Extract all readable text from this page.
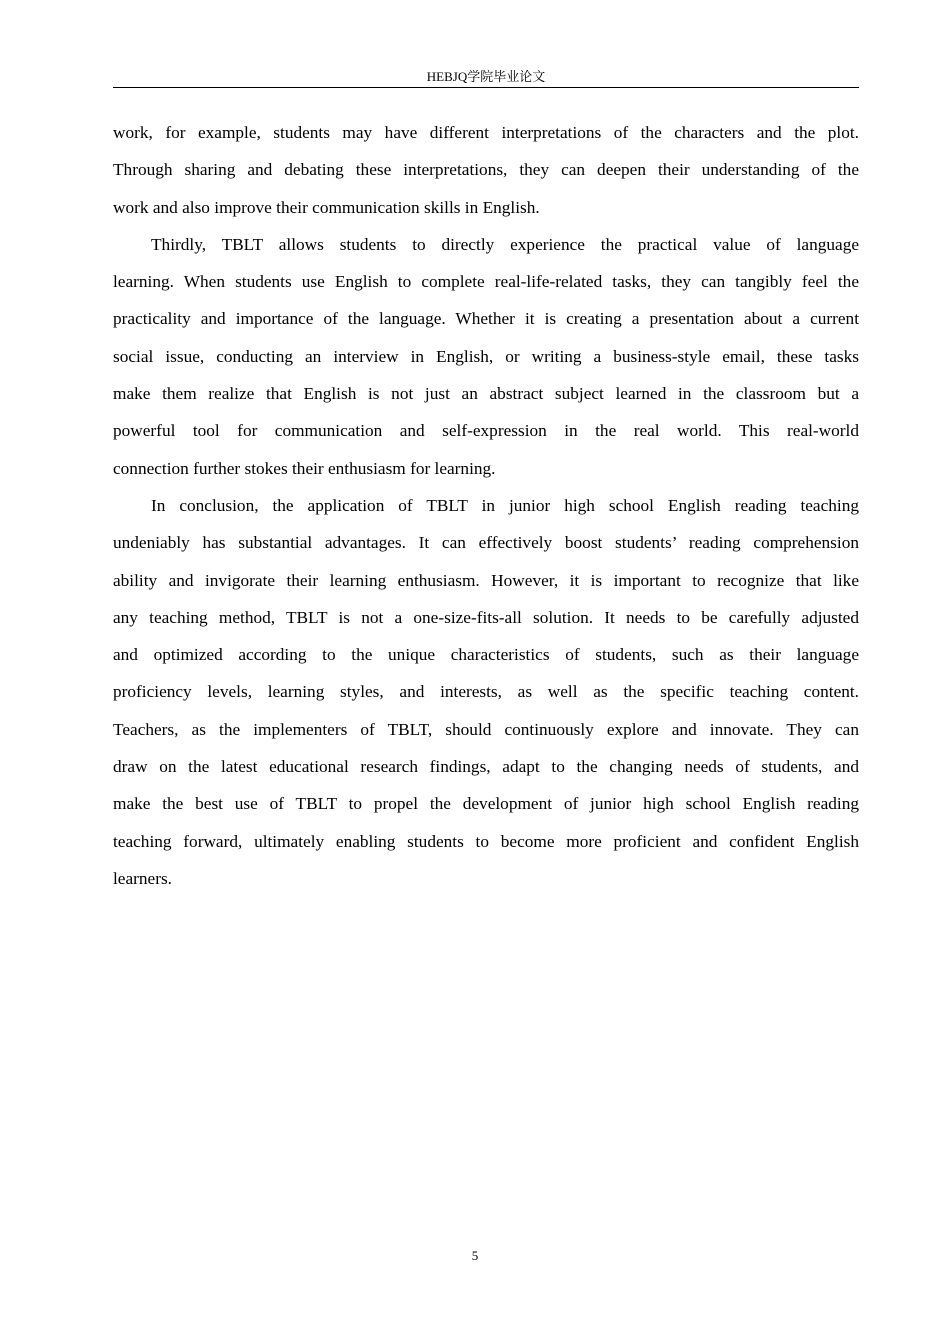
HEBJQ学院毕业论文
work, for example, students may have different interpretations of the characters and the plot.
Through sharing and debating these interpretations, they can deepen their understanding of the
work and also improve their communication skills in English.
Thirdly, TBLT allows students to directly experience the practical value of language
learning. When students use English to complete real-life-related tasks, they can tangibly feel the
practicality and importance of the language. Whether it is creating a presentation about a current
social issue, conducting an interview in English, or writing a business-style email, these tasks
make them realize that English is not just an abstract subject learned in the classroom but a
powerful tool for communication and self-expression in the real world. This real-world
connection further stokes their enthusiasm for learning.
In conclusion, the application of TBLT in junior high school English reading teaching
undeniably has substantial advantages. It can effectively boost students’ reading comprehension
ability and invigorate their learning enthusiasm. However, it is important to recognize that like
any teaching method, TBLT is not a one-size-fits-all solution. It needs to be carefully adjusted
and optimized according to the unique characteristics of students, such as their language
proficiency levels, learning styles, and interests, as well as the specific teaching content.
Teachers, as the implementers of TBLT, should continuously explore and innovate. They can
draw on the latest educational research findings, adapt to the changing needs of students, and
make the best use of TBLT to propel the development of junior high school English reading
teaching forward, ultimately enabling students to become more proficient and confident English
learners.
5
